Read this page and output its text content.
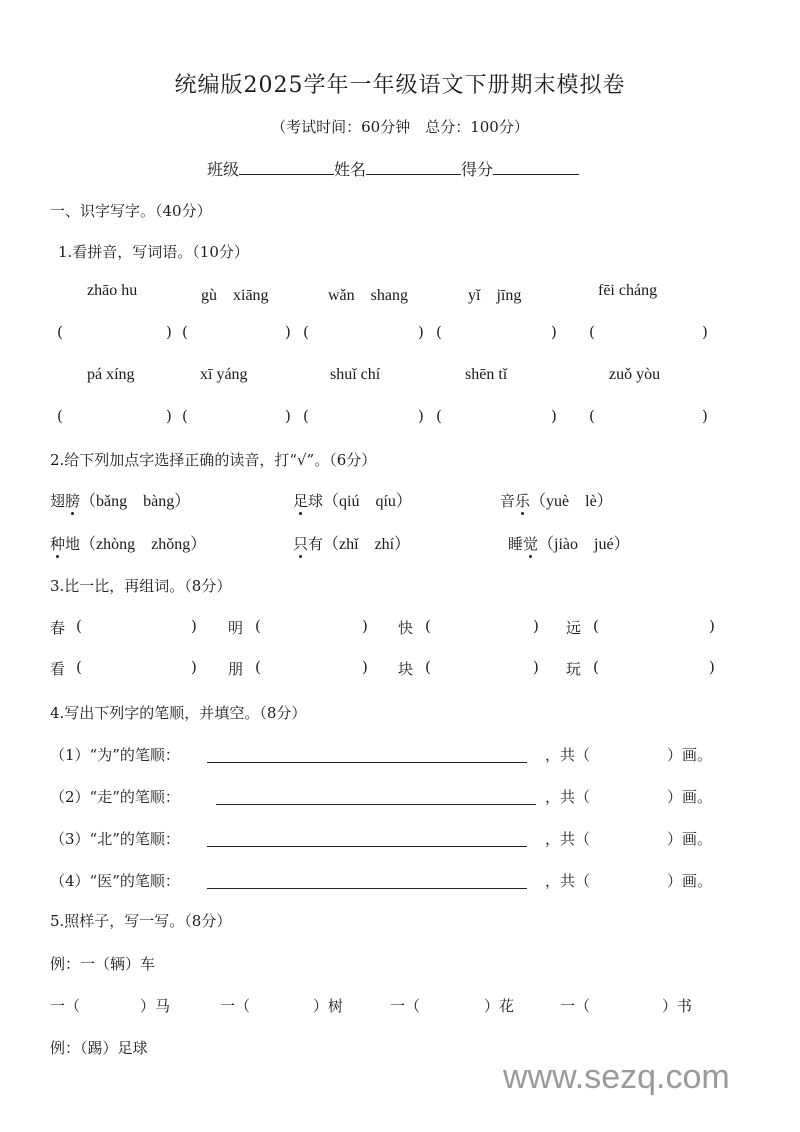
统编版2025学年一年级语文下册期末模拟卷
（考试时间：60分钟　总分：100分）
班级	姓名	得分
一、识字写字。（40分）
1.看拼音，写词语。（10分）
zhāo hu	gù　xiāng	wǎn　shang	yǐ　jīng	fēi cháng
(	) (	) (	) (	) (	)
pá xíng	xī yáng	shuǐ chí	shēn tǐ	zuǒ yòu
(	) (	) (	) (	) (	)
2.给下列加点字选择正确的读音，打“√”。（6分）
翅膀（bǎng　bàng）	足球（qiú　qíu）	音乐（yuè　lè）
种地（zhòng　zhǒng）	只有（zhǐ　zhí）	睡觉（jiào　jué）
3.比一比，再组词。（8分）
春 (	) 明 (	) 快 (	) 远 (	)
看 (	) 朋 (	) 块 (	) 玩 (	)
4.写出下列字的笔顺，并填空。（8分）
（1）“为”的笔顺：	，共（	）画。
（2）“走”的笔顺：	，共（	）画。
（3）“北”的笔顺：	，共（	）画。
（4）“医”的笔顺：	，共（	）画。
5.照样子，写一写。（8分）
例：一（辆）车
一（	）马	一（	）树	一（	）花	一（	）书
例：（踢）足球
www.sezq.com
